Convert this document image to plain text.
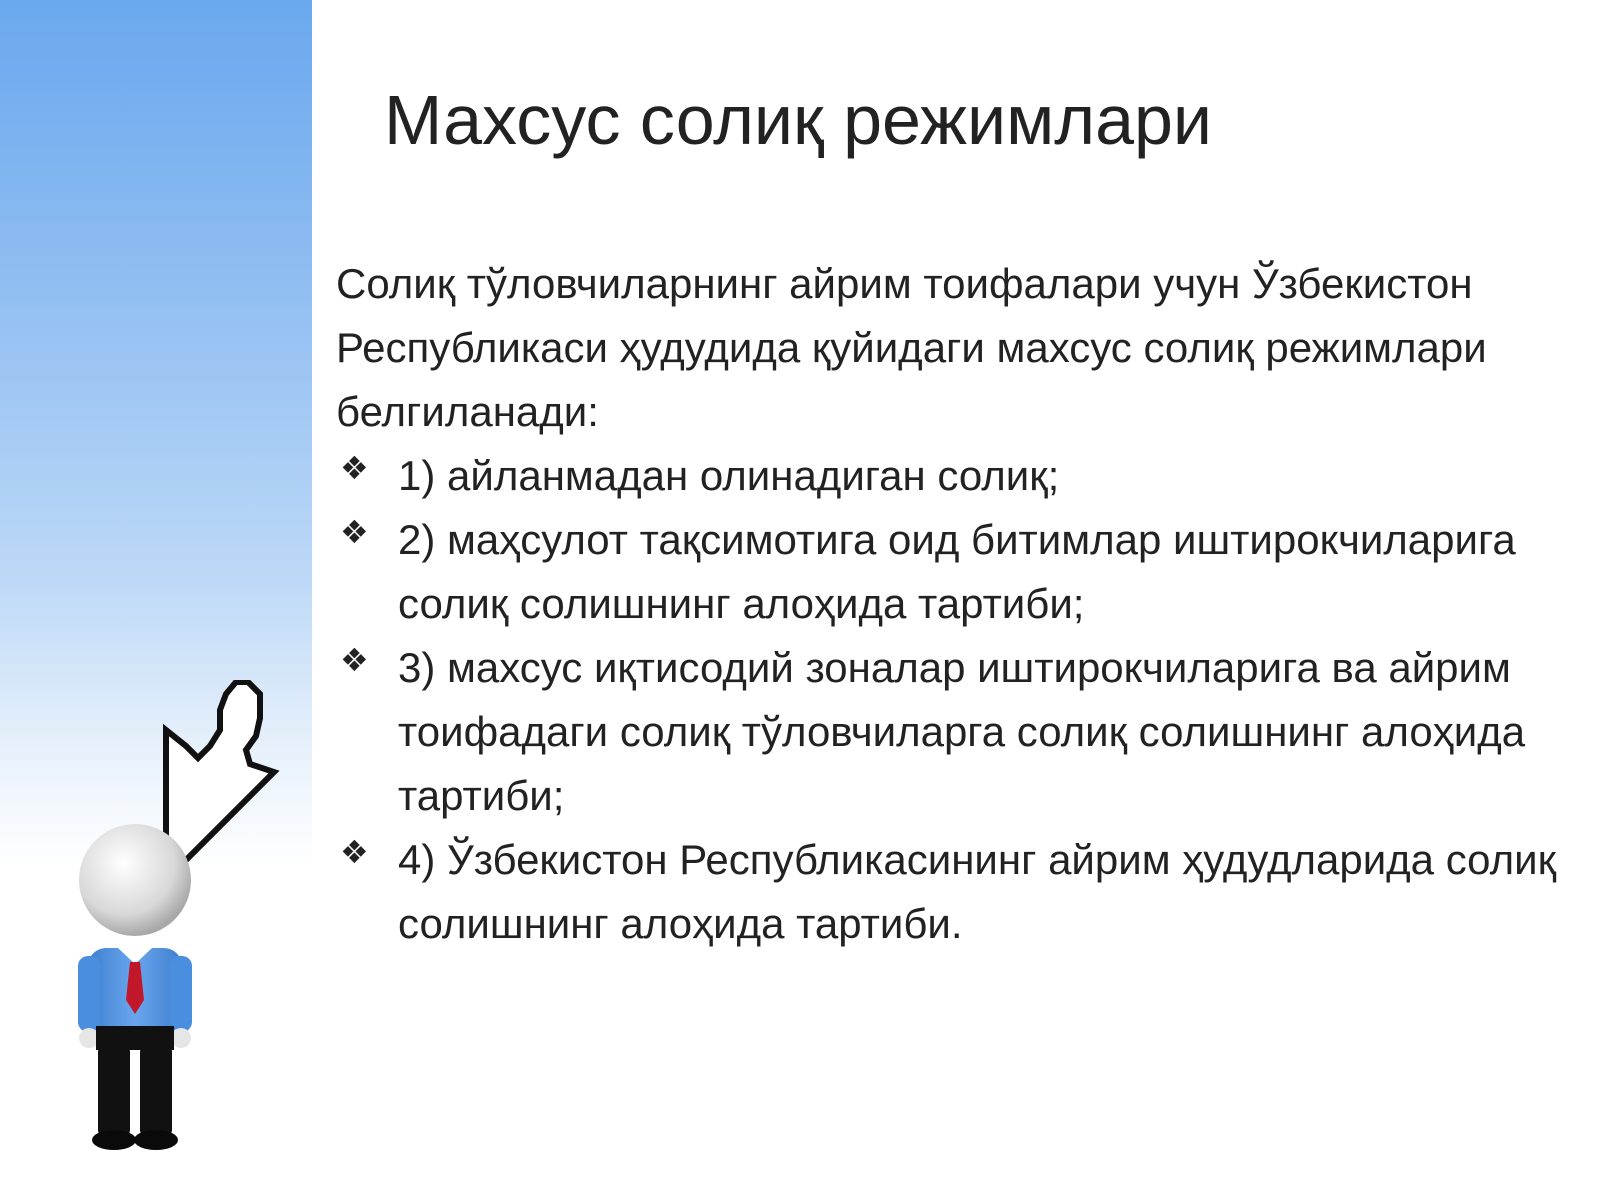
Махсус солиқ режимлари

Солиқ тўловчиларнинг айрим тоифалари учун Ўзбекистон Республикаси ҳудудида қуйидаги махсус солиқ режимлари белгиланади:

❖ 1) айланмадан олинадиган солиқ;
❖ 2) маҳсулот тақсимотига оид битимлар иштирокчиларига солиқ солишнинг алоҳида тартиби;
❖ 3) махсус иқтисодий зоналар иштирокчиларига ва айрим тоифадаги солиқ тўловчиларга солиқ солишнинг алоҳида тартиби;
❖ 4) Ўзбекистон Республикасининг айрим ҳудудларида солиқ солишнинг алоҳида тартиби.
